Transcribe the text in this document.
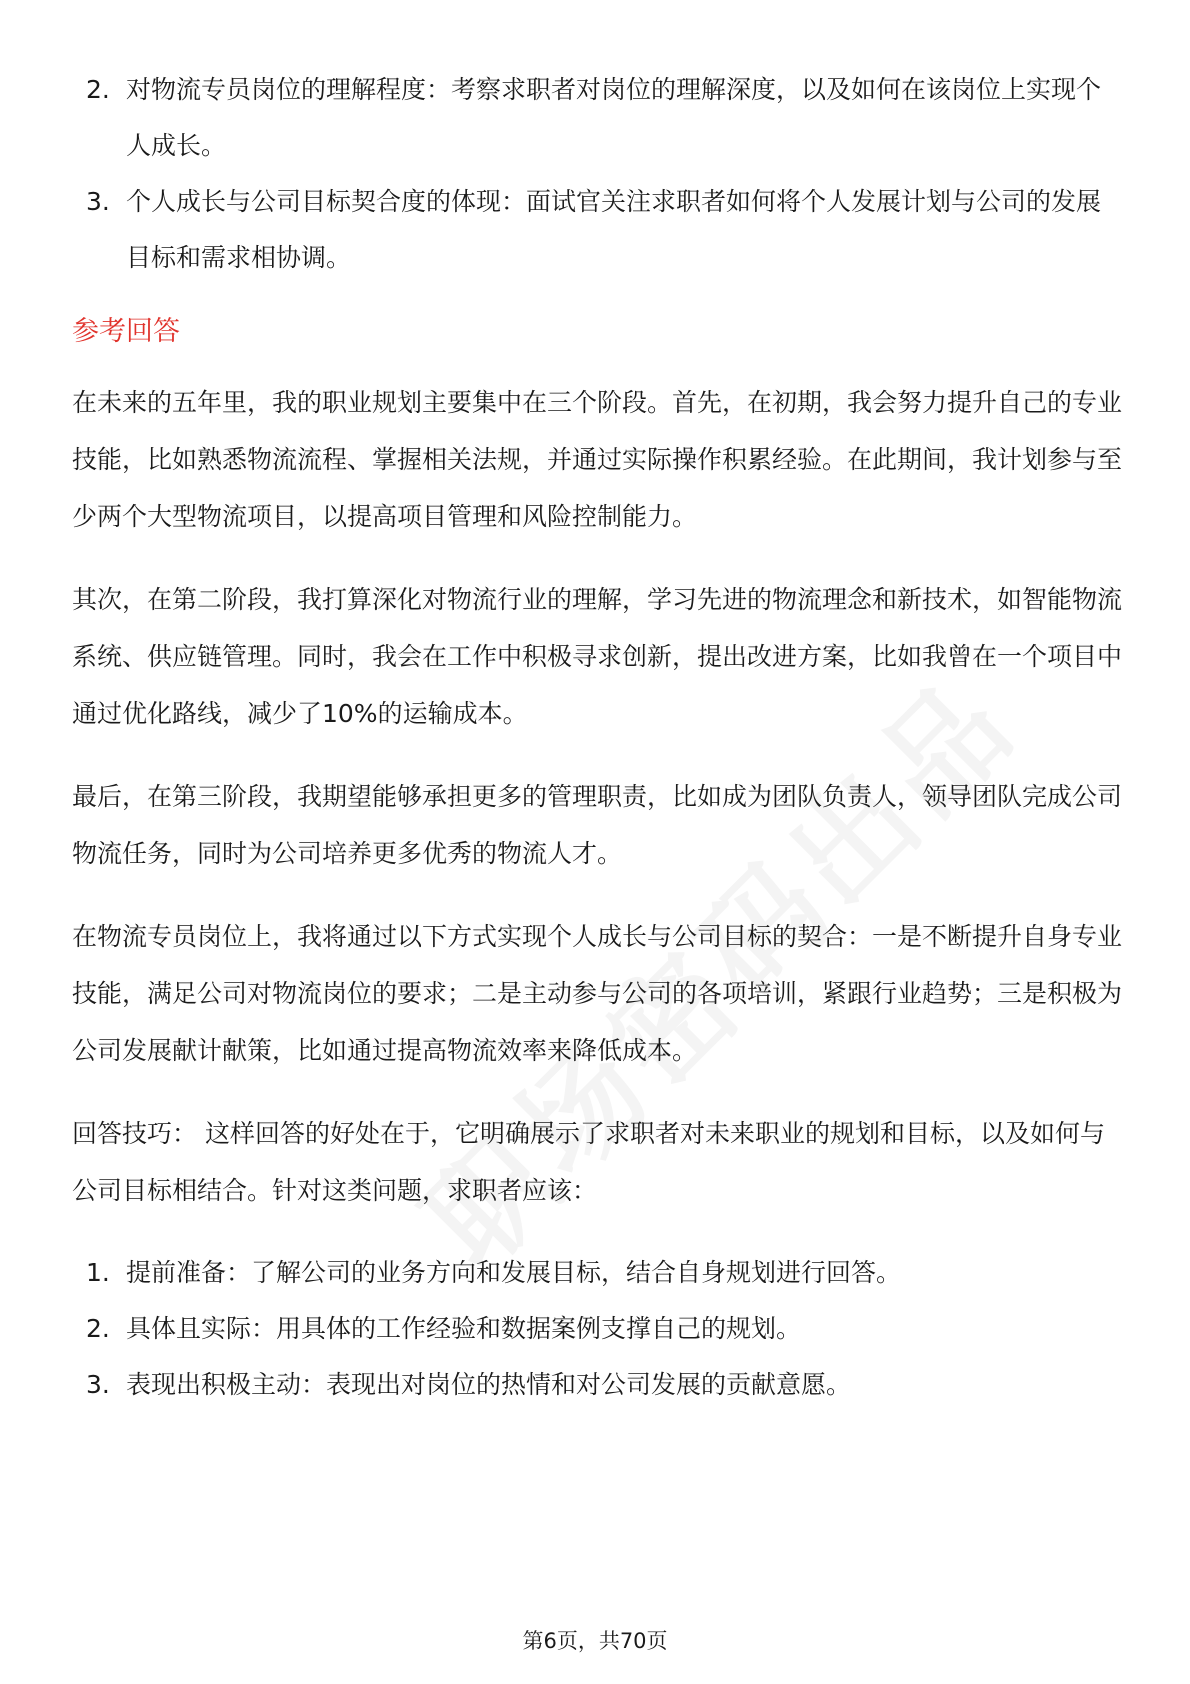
2. 对物流专员岗位的理解程度：考察求职者对岗位的理解深度，以及如何在该岗位上实现个人成长。
3. 个人成长与公司目标契合度的体现：面试官关注求职者如何将个人发展计划与公司的发展目标和需求相协调。
参考回答

在未来的五年里，我的职业规划主要集中在三个阶段。首先，在初期，我会努力提升自己的专业技能，比如熟悉物流流程、掌握相关法规，并通过实际操作积累经验。在此期间，我计划参与至少两个大型物流项目，以提高项目管理和风险控制能力。

其次，在第二阶段，我打算深化对物流行业的理解，学习先进的物流理念和新技术，如智能物流系统、供应链管理。同时，我会在工作中积极寻求创新，提出改进方案，比如我曾在一个项目中通过优化路线，减少了10%的运输成本。

最后，在第三阶段，我期望能够承担更多的管理职责，比如成为团队负责人，领导团队完成公司物流任务，同时为公司培养更多优秀的物流人才。

在物流专员岗位上，我将通过以下方式实现个人成长与公司目标的契合：一是不断提升自身专业技能，满足公司对物流岗位的要求；二是主动参与公司的各项培训，紧跟行业趋势；三是积极为公司发展献计献策，比如通过提高物流效率来降低成本。

回答技巧： 这样回答的好处在于，它明确展示了求职者对未来职业的规划和目标，以及如何与公司目标相结合。针对这类问题，求职者应该：

1. 提前准备：了解公司的业务方向和发展目标，结合自身规划进行回答。
2. 具体且实际：用具体的工作经验和数据案例支撑自己的规划。
3. 表现出积极主动：表现出对岗位的热情和对公司发展的贡献意愿。
第6页，共70页
